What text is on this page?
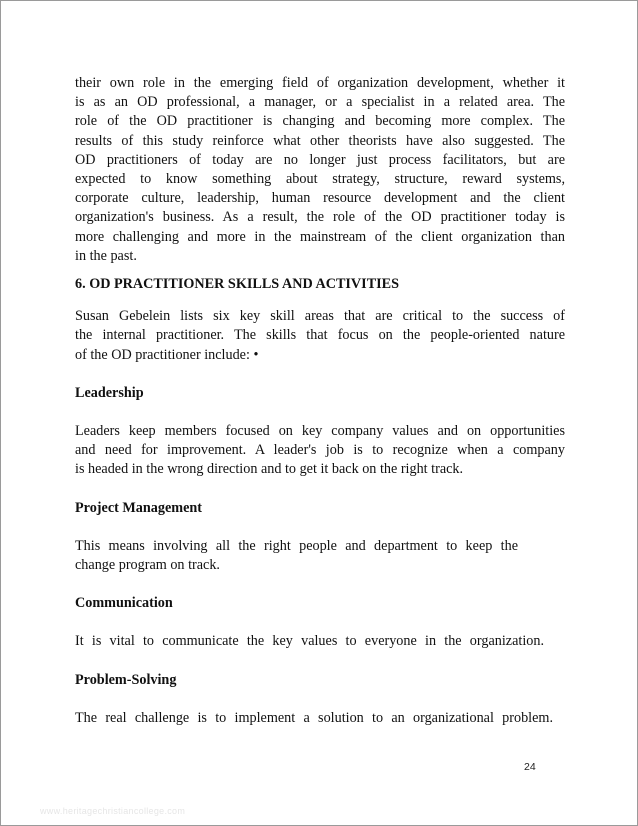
their own role in the emerging field of organization development, whether it
is as an OD professional, a manager, or a specialist in a related area. The
role of the OD practitioner is changing and becoming more complex. The
results of this study reinforce what other theorists have also suggested. The
OD practitioners of today are no longer just process facilitators, but are
expected to know something about strategy, structure, reward systems,
corporate culture, leadership, human resource development and the client
organization's business. As a result, the role of the OD practitioner today is
more challenging and more in the mainstream of the client organization than
in the past.

6. OD PRACTITIONER SKILLS AND ACTIVITIES

Susan Gebelein lists six key skill areas that are critical to the success of
the internal practitioner. The skills that focus on the people-oriented nature
of the OD practitioner include: •

Leadership

Leaders keep members focused on key company values and on opportunities
and need for improvement. A leader's job is to recognize when a company
is headed in the wrong direction and to get it back on the right track.

Project Management

This means involving all the right people and department to keep the
change program on track.

Communication

It is vital to communicate the key values to everyone in the organization.

Problem-Solving

The real challenge is to implement a solution to an organizational problem.

24
www.heritagechristiancollege.com
